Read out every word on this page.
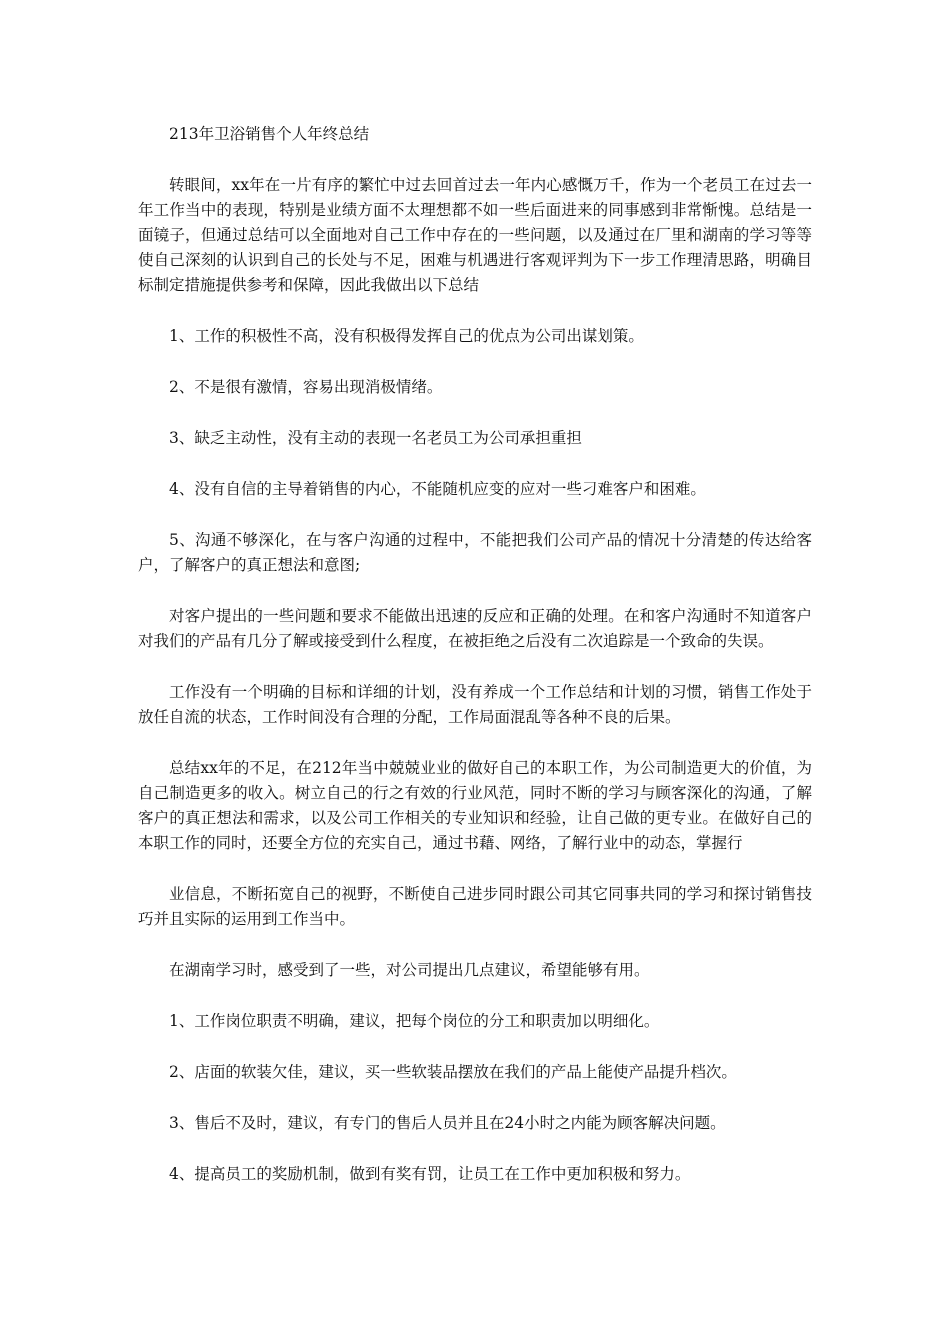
213年卫浴销售个人年终总结

转眼间，xx年在一片有序的繁忙中过去回首过去一年内心感慨万千，作为一个老员工在过去一年工作当中的表现，特别是业绩方面不太理想都不如一些后面进来的同事感到非常惭愧。总结是一面镜子，但通过总结可以全面地对自己工作中存在的一些问题，以及通过在厂里和湖南的学习等等使自己深刻的认识到自己的长处与不足，困难与机遇进行客观评判为下一步工作理清思路，明确目标制定措施提供参考和保障，因此我做出以下总结

1、工作的积极性不高，没有积极得发挥自己的优点为公司出谋划策。

2、不是很有激情，容易出现消极情绪。

3、缺乏主动性，没有主动的表现一名老员工为公司承担重担

4、没有自信的主导着销售的内心，不能随机应变的应对一些刁难客户和困难。

5、沟通不够深化，在与客户沟通的过程中，不能把我们公司产品的情况十分清楚的传达给客户，了解客户的真正想法和意图;

对客户提出的一些问题和要求不能做出迅速的反应和正确的处理。在和客户沟通时不知道客户对我们的产品有几分了解或接受到什么程度，在被拒绝之后没有二次追踪是一个致命的失误。

工作没有一个明确的目标和详细的计划，没有养成一个工作总结和计划的习惯，销售工作处于放任自流的状态，工作时间没有合理的分配，工作局面混乱等各种不良的后果。

总结xx年的不足，在212年当中兢兢业业的做好自己的本职工作，为公司制造更大的价值，为自己制造更多的收入。树立自己的行之有效的行业风范，同时不断的学习与顾客深化的沟通，了解客户的真正想法和需求，以及公司工作相关的专业知识和经验，让自己做的更专业。在做好自己的本职工作的同时，还要全方位的充实自己，通过书藉、网络，了解行业中的动态，掌握行

业信息，不断拓宽自己的视野，不断使自己进步同时跟公司其它同事共同的学习和探讨销售技巧并且实际的运用到工作当中。

在湖南学习时，感受到了一些，对公司提出几点建议，希望能够有用。

1、工作岗位职责不明确，建议，把每个岗位的分工和职责加以明细化。

2、店面的软装欠佳，建议，买一些软装品摆放在我们的产品上能使产品提升档次。

3、售后不及时，建议，有专门的售后人员并且在24小时之内能为顾客解决问题。

4、提高员工的奖励机制，做到有奖有罚，让员工在工作中更加积极和努力。
